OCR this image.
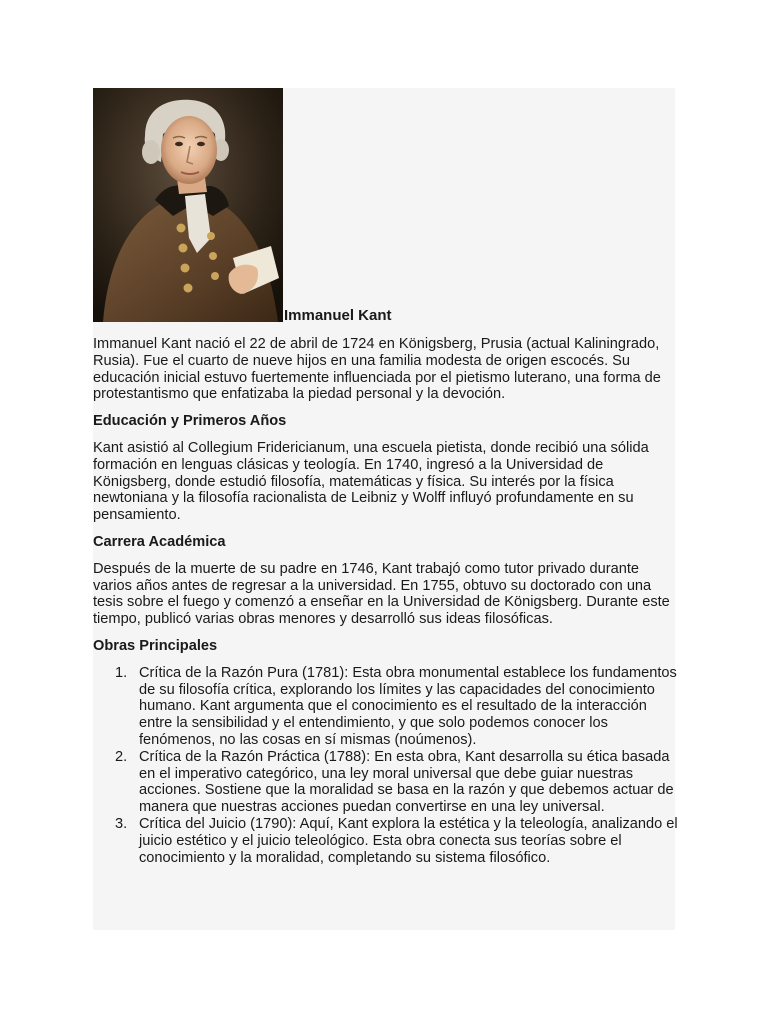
Immanuel Kant

Immanuel Kant nació el 22 de abril de 1724 en Königsberg, Prusia (actual Kaliningrado, Rusia). Fue el cuarto de nueve hijos en una familia modesta de origen escocés. Su educación inicial estuvo fuertemente influenciada por el pietismo luterano, una forma de protestantismo que enfatizaba la piedad personal y la devoción.

Educación y Primeros Años

Kant asistió al Collegium Fridericianum, una escuela pietista, donde recibió una sólida formación en lenguas clásicas y teología. En 1740, ingresó a la Universidad de Königsberg, donde estudió filosofía, matemáticas y física. Su interés por la física newtoniana y la filosofía racionalista de Leibniz y Wolff influyó profundamente en su pensamiento.

Carrera Académica

Después de la muerte de su padre en 1746, Kant trabajó como tutor privado durante varios años antes de regresar a la universidad. En 1755, obtuvo su doctorado con una tesis sobre el fuego y comenzó a enseñar en la Universidad de Königsberg. Durante este tiempo, publicó varias obras menores y desarrolló sus ideas filosóficas.

Obras Principales
1. Crítica de la Razón Pura (1781): Esta obra monumental establece los fundamentos de su filosofía crítica, explorando los límites y las capacidades del conocimiento humano. Kant argumenta que el conocimiento es el resultado de la interacción entre la sensibilidad y el entendimiento, y que solo podemos conocer los fenómenos, no las cosas en sí mismas (noúmenos).
2. Crítica de la Razón Práctica (1788): En esta obra, Kant desarrolla su ética basada en el imperativo categórico, una ley moral universal que debe guiar nuestras acciones. Sostiene que la moralidad se basa en la razón y que debemos actuar de manera que nuestras acciones puedan convertirse en una ley universal.
3. Crítica del Juicio (1790): Aquí, Kant explora la estética y la teleología, analizando el juicio estético y el juicio teleológico. Esta obra conecta sus teorías sobre el conocimiento y la moralidad, completando su sistema filosófico.
